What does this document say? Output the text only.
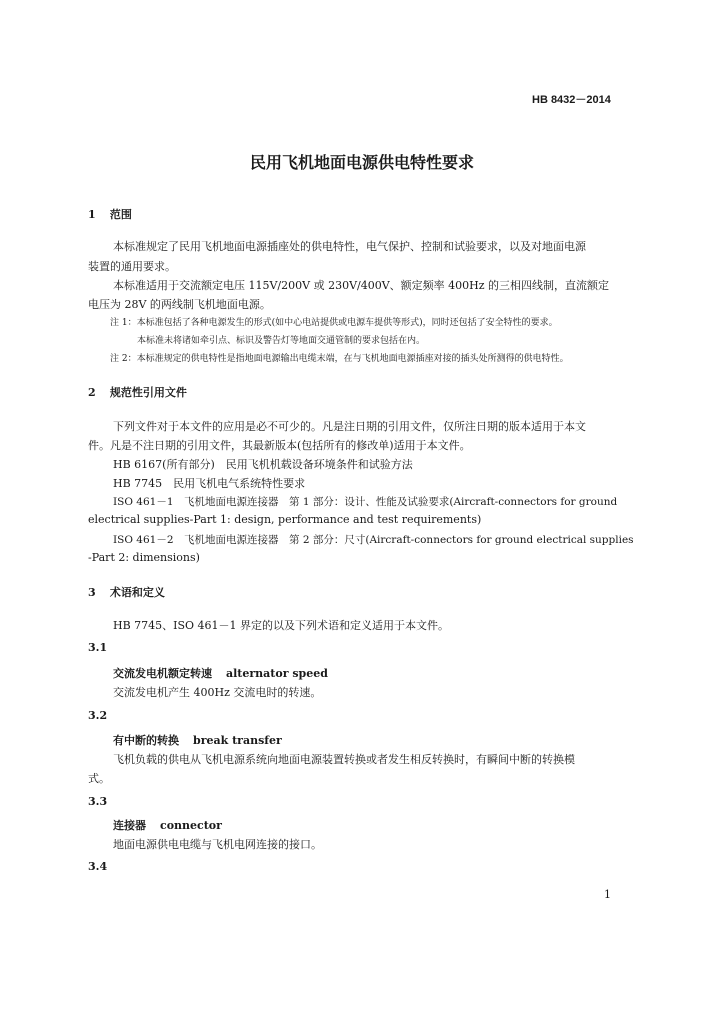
HB 8432－2014
民用飞机地面电源供电特性要求
1 范围
本标准规定了民用飞机地面电源插座处的供电特性，电气保护、控制和试验要求，以及对地面电源
装置的通用要求。
本标准适用于交流额定电压 115V/200V 或 230V/400V、额定频率 400Hz 的三相四线制，直流额定
电压为 28V 的两线制飞机地面电源。
注 1：本标准包括了各种电源发生的形式(如中心电站提供或电源车提供等形式)，同时还包括了安全特性的要求。
本标准未将诸如牵引点、标识及警告灯等地面交通管制的要求包括在内。
注 2：本标准规定的供电特性是指地面电源输出电缆末端，在与飞机地面电源插座对接的插头处所测得的供电特性。
2 规范性引用文件
下列文件对于本文件的应用是必不可少的。凡是注日期的引用文件，仅所注日期的版本适用于本文
件。凡是不注日期的引用文件，其最新版本(包括所有的修改单)适用于本文件。
HB 6167(所有部分)　民用飞机机载设备环境条件和试验方法
HB 7745　民用飞机电气系统特性要求
ISO 461－1　飞机地面电源连接器　第 1 部分：设计、性能及试验要求(Aircraft-connectors for ground
electrical supplies-Part 1: design, performance and test requirements)
ISO 461－2　飞机地面电源连接器　第 2 部分：尺寸(Aircraft-connectors for ground electrical supplies
-Part 2: dimensions)
3 术语和定义
HB 7745、ISO 461－1 界定的以及下列术语和定义适用于本文件。
3.1
交流发电机额定转速 alternator speed
交流发电机产生 400Hz 交流电时的转速。
3.2
有中断的转换 break transfer
飞机负载的供电从飞机电源系统向地面电源装置转换或者发生相反转换时，有瞬间中断的转换模
式。
3.3
连接器 connector
地面电源供电电缆与飞机电网连接的接口。
3.4
1
